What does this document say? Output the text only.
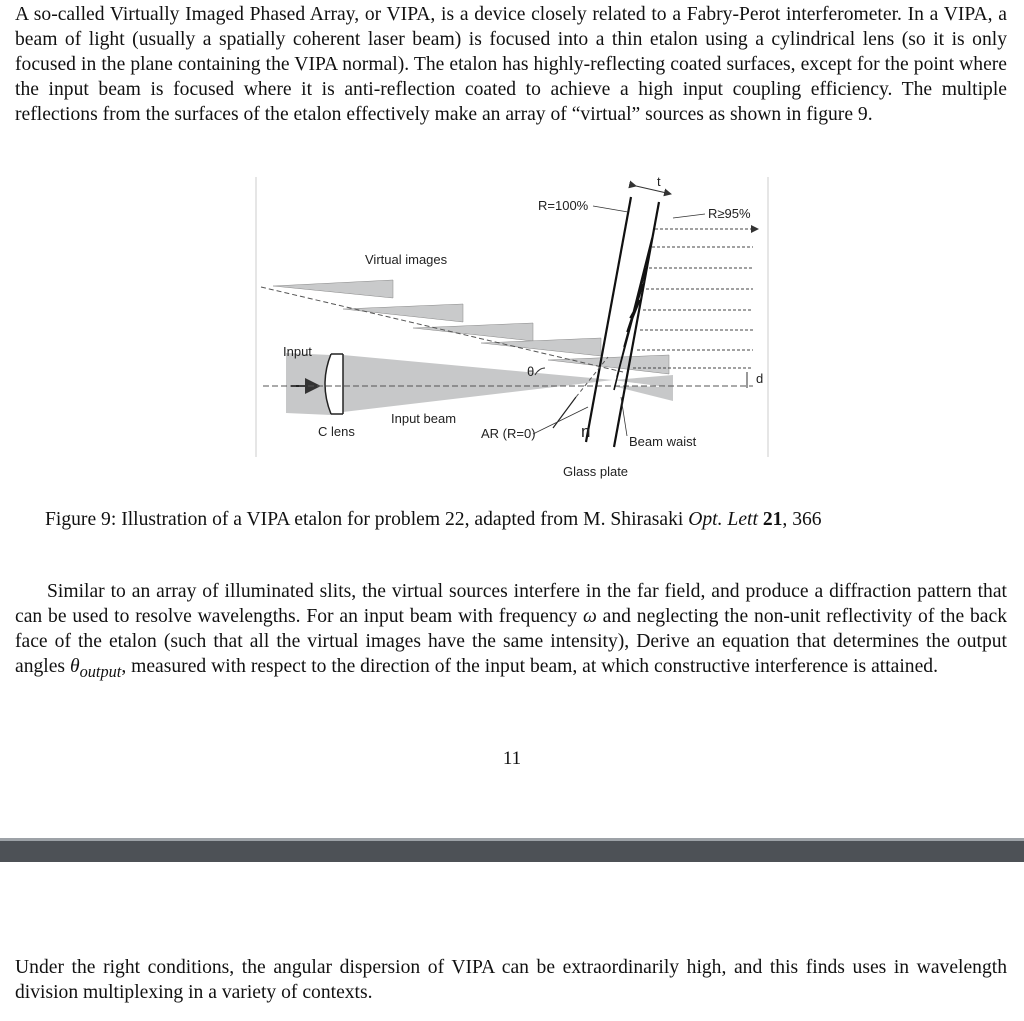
A so-called Virtually Imaged Phased Array, or VIPA, is a device closely related to a Fabry-Perot interferometer. In a VIPA, a beam of light (usually a spatially coherent laser beam) is focused into a thin etalon using a cylindrical lens (so it is only focused in the plane containing the VIPA normal). The etalon has highly-reflecting coated surfaces, except for the point where the input beam is focused where it is anti-reflection coated to achieve a high input coupling efficiency. The multiple reflections from the surfaces of the etalon effectively make an array of “virtual” sources as shown in figure 9.

R=100%
R≥95%
t
Virtual images
Input
θ	d
Input beam
C lens	AR (R=0)	n
Beam waist
Glass plate
Figure 9: Illustration of a VIPA etalon for problem 22, adapted from M. Shirasaki Opt. Lett 21, 366

Similar to an array of illuminated slits, the virtual sources interfere in the far field, and produce a diffraction pattern that can be used to resolve wavelengths. For an input beam with frequency ω and neglecting the non-unit reflectivity of the back face of the etalon (such that all the virtual images have the same intensity), Derive an equation that determines the output angles $\theta_{output}$, measured with respect to the direction of the input beam, at which constructive interference is attained.

11

Under the right conditions, the angular dispersion of VIPA can be extraordinarily high, and this finds uses in wavelength division multiplexing in a variety of contexts.
